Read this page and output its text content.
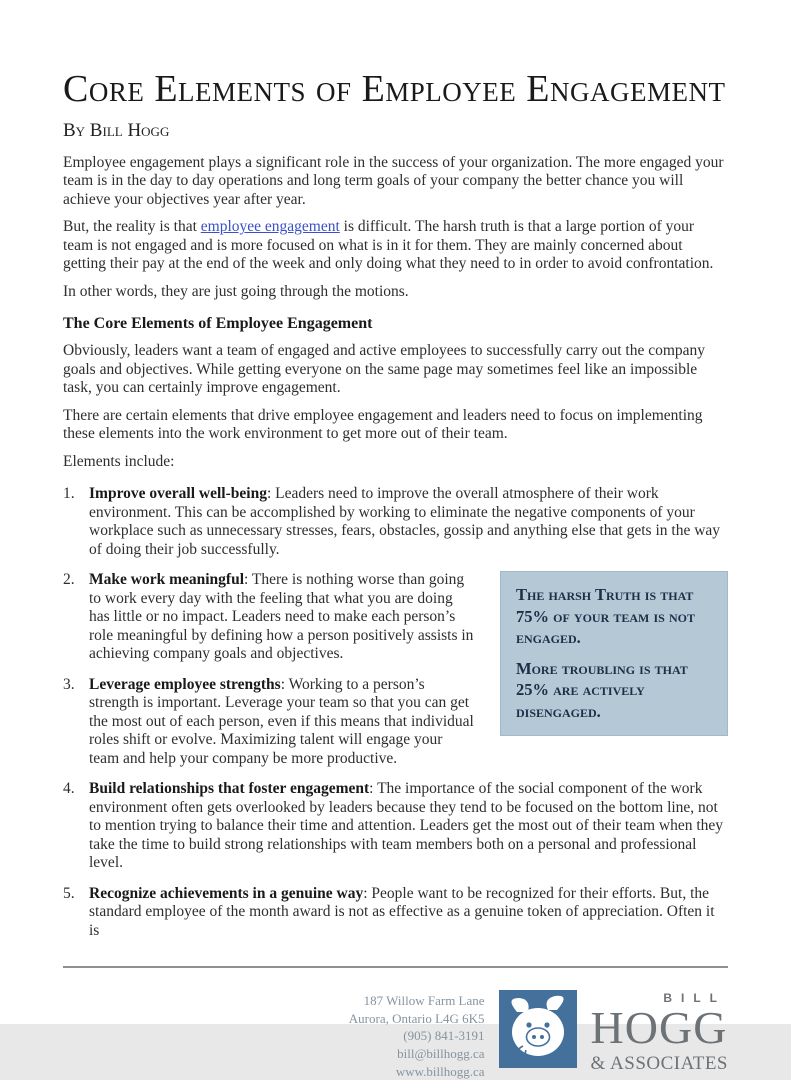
Core Elements of Employee Engagement
By Bill Hogg

Employee engagement plays a significant role in the success of your organization. The more engaged your team is in the day to day operations and long term goals of your company the better chance you will achieve your objectives year after year.

But, the reality is that employee engagement is difficult. The harsh truth is that a large portion of your team is not engaged and is more focused on what is in it for them. They are mainly concerned about getting their pay at the end of the week and only doing what they need to in order to avoid confrontation.

In other words, they are just going through the motions.

The Core Elements of Employee Engagement

Obviously, leaders want a team of engaged and active employees to successfully carry out the company goals and objectives. While getting everyone on the same page may sometimes feel like an impossible task, you can certainly improve engagement.

There are certain elements that drive employee engagement and leaders need to focus on implementing these elements into the work environment to get more out of their team.

Elements include:

1. Improve overall well-being: Leaders need to improve the overall atmosphere of their work environment. This can be accomplished by working to eliminate the negative components of your workplace such as unnecessary stresses, fears, obstacles, gossip and anything else that gets in the way of doing their job successfully.

The harsh Truth is that 75% of your team is not engaged.

More troubling is that 25% are actively disengaged.

2. Make work meaningful: There is nothing worse than going to work every day with the feeling that what you are doing has little or no impact. Leaders need to make each person’s role meaningful by defining how a person positively assists in achieving company goals and objectives.
3. Leverage employee strengths: Working to a person’s strength is important. Leverage your team so that you can get the most out of each person, even if this means that individual roles shift or evolve. Maximizing talent will engage your team and help your company be more productive.
4. Build relationships that foster engagement: The importance of the social component of the work environment often gets overlooked by leaders because they tend to be focused on the bottom line, not to mention trying to balance their time and attention. Leaders get the most out of their team when they take the time to build strong relationships with team members both on a personal and professional level.
5. Recognize achievements in a genuine way: People want to be recognized for their efforts. But, the standard employee of the month award is not as effective as a genuine token of appreciation. Often it is
187 Willow Farm Lane
Aurora, Ontario L4G 6K5
(905) 841-3191
bill@billhogg.ca
www.billhogg.ca
BILL
HOGG
& ASSOCIATES
